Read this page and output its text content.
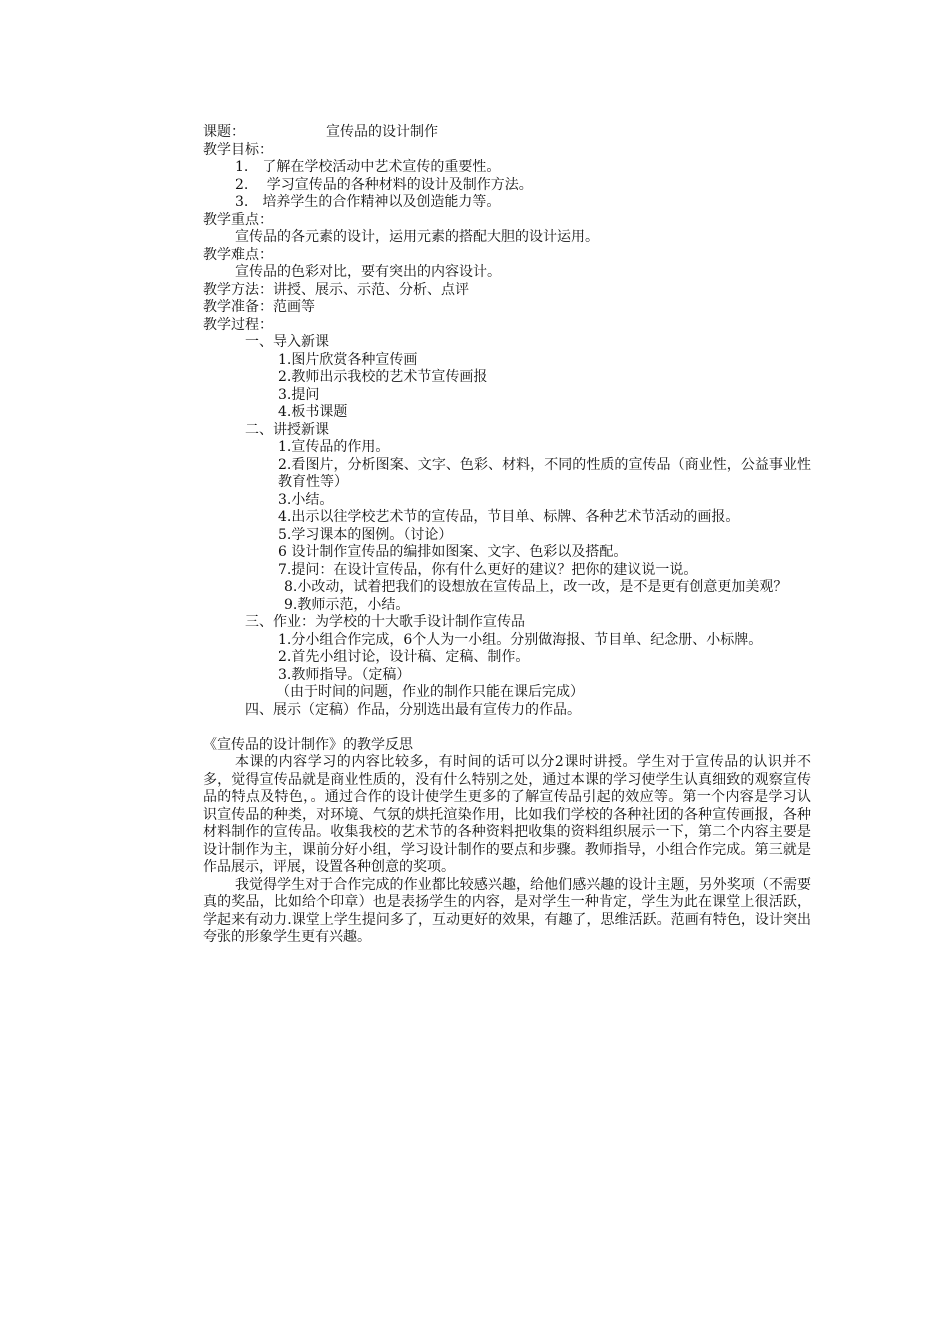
课题：	宣传品的设计制作
教学目标：
1.　了解在学校活动中艺术宣传的重要性。
2.　 学习宣传品的各种材料的设计及制作方法。
3.　培养学生的合作精神以及创造能力等。
教学重点：
宣传品的各元素的设计，运用元素的搭配大胆的设计运用。
教学难点：
宣传品的色彩对比，要有突出的内容设计。
教学方法：讲授、展示、示范、分析、点评
教学准备：范画等
教学过程：
一、导入新课
1.图片欣赏各种宣传画
2.教师出示我校的艺术节宣传画报
3.提问
4.板书课题
二、讲授新课
1.宣传品的作用。
2.看图片，分析图案、文字、色彩、材料，不同的性质的宣传品（商业性，公益事业性 教育性等）
3.小结。
4.出示以往学校艺术节的宣传品，节目单、标牌、各种艺术节活动的画报。
5.学习课本的图例。（讨论）
6 设计制作宣传品的编排如图案、文字、色彩以及搭配。
7.提问：在设计宣传品，你有什么更好的建议？把你的建议说一说。
8.小改动，试着把我们的设想放在宣传品上，改一改，是不是更有创意更加美观？
9.教师示范，小结。
三、作业：为学校的十大歌手设计制作宣传品
1.分小组合作完成，6个人为一小组。分别做海报、节目单、纪念册、小标牌。
2.首先小组讨论，设计稿、定稿、制作。
3.教师指导。（定稿）
（由于时间的问题，作业的制作只能在课后完成）
四、展示（定稿）作品，分别选出最有宣传力的作品。
《宣传品的设计制作》的教学反思
本课的内容学习的内容比较多，有时间的话可以分2课时讲授。学生对于宣传品的认识并不多，觉得宣传品就是商业性质的，没有什么特别之处，通过本课的学习使学生认真细致的观察宣传品的特点及特色，。通过合作的设计使学生更多的了解宣传品引起的效应等。第一个内容是学习认识宣传品的种类，对环境、气氛的烘托渲染作用，比如我们学校的各种社团的各种宣传画报，各种材料制作的宣传品。收集我校的艺术节的各种资料把收集的资料组织展示一下，第二个内容主要是设计制作为主，课前分好小组，学习设计制作的要点和步骤。教师指导，小组合作完成。第三就是作品展示，评展，设置各种创意的奖项。
我觉得学生对于合作完成的作业都比较感兴趣，给他们感兴趣的设计主题，另外奖项（不需要真的奖品，比如给个印章）也是表扬学生的内容，是对学生一种肯定，学生为此在课堂上很活跃，学起来有动力.课堂上学生提问多了，互动更好的效果，有趣了，思维活跃。范画有特色，设计突出夸张的形象学生更有兴趣。
